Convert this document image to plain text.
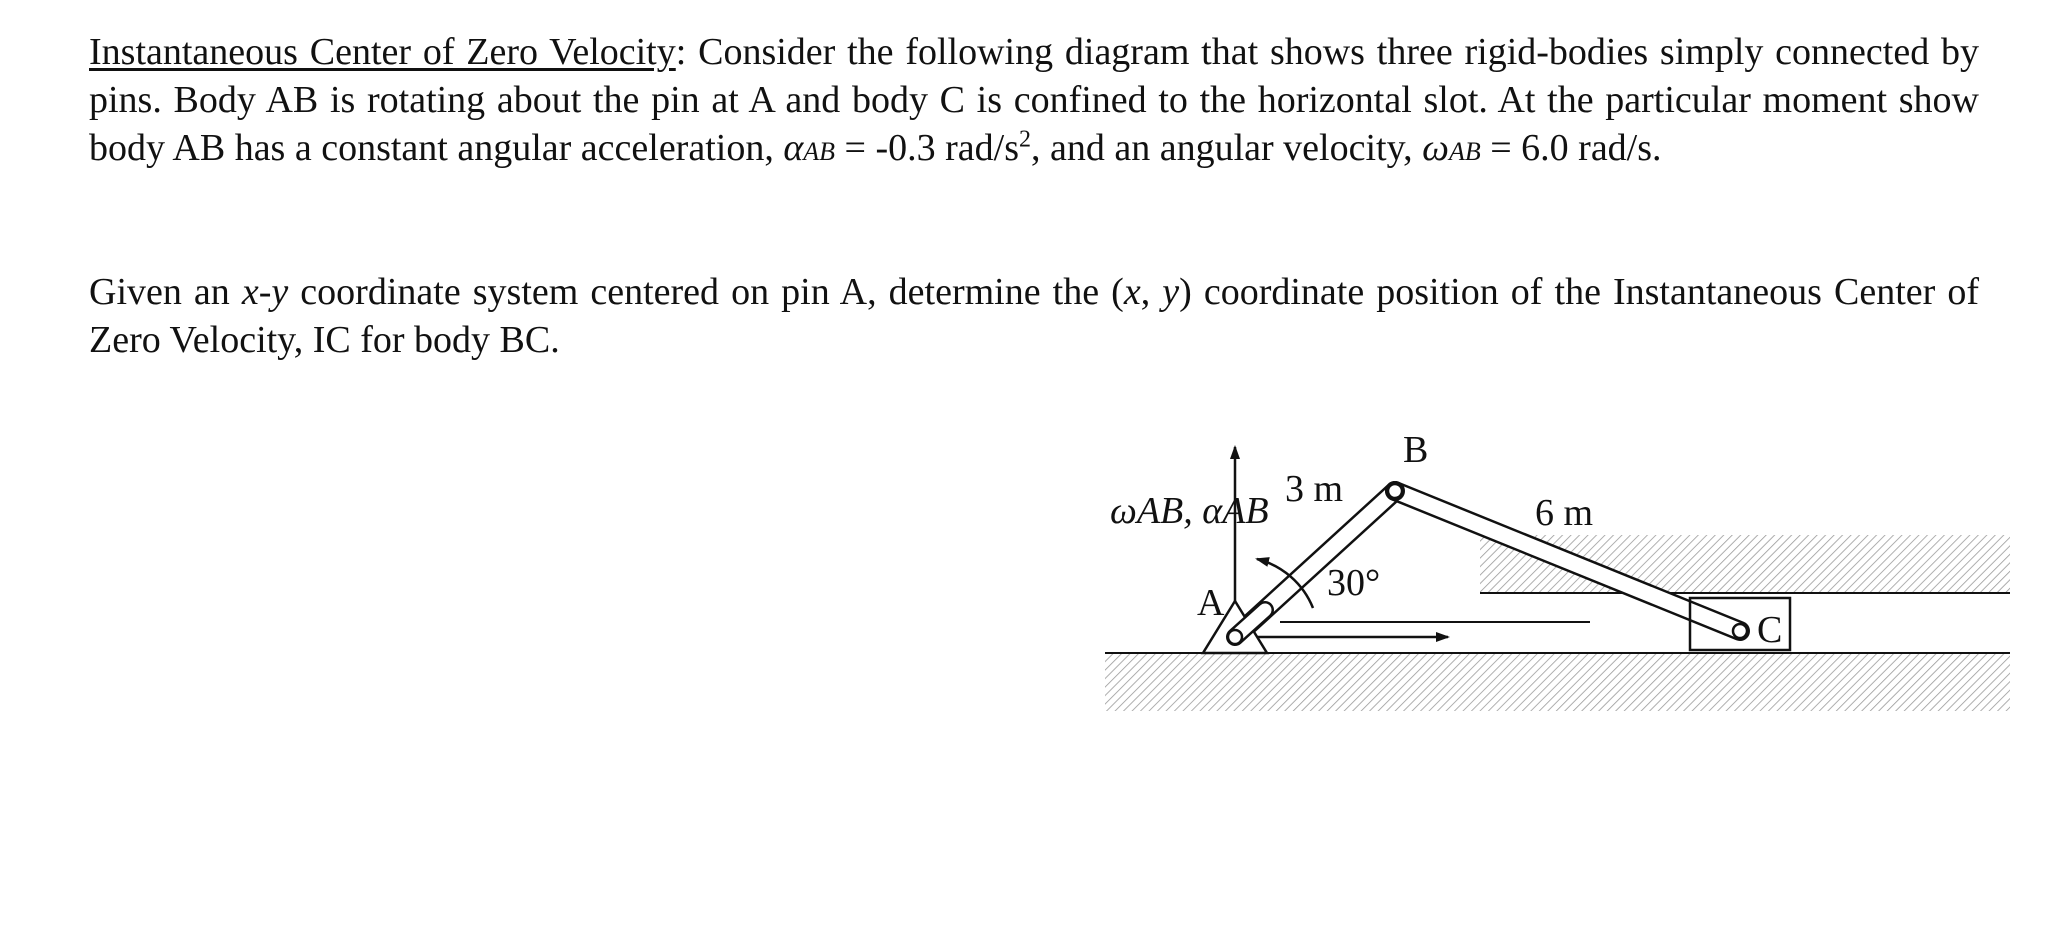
Instantaneous Center of Zero Velocity: Consider the following diagram that shows three rigid-bodies simply connected by pins. Body AB is rotating about the pin at A and body C is confined to the horizontal slot. At the particular moment show body AB has a constant angular acceleration, αAB = -0.3 rad/$s^2$, and an angular velocity, ωAB = 6.0 rad/s.

Given an x-y coordinate system centered on pin A, determine the (x, y) coordinate position of the Instantaneous Center of Zero Velocity, IC for body BC.

B
A
C
3 m
6 m
30°
ωAB, αAB
